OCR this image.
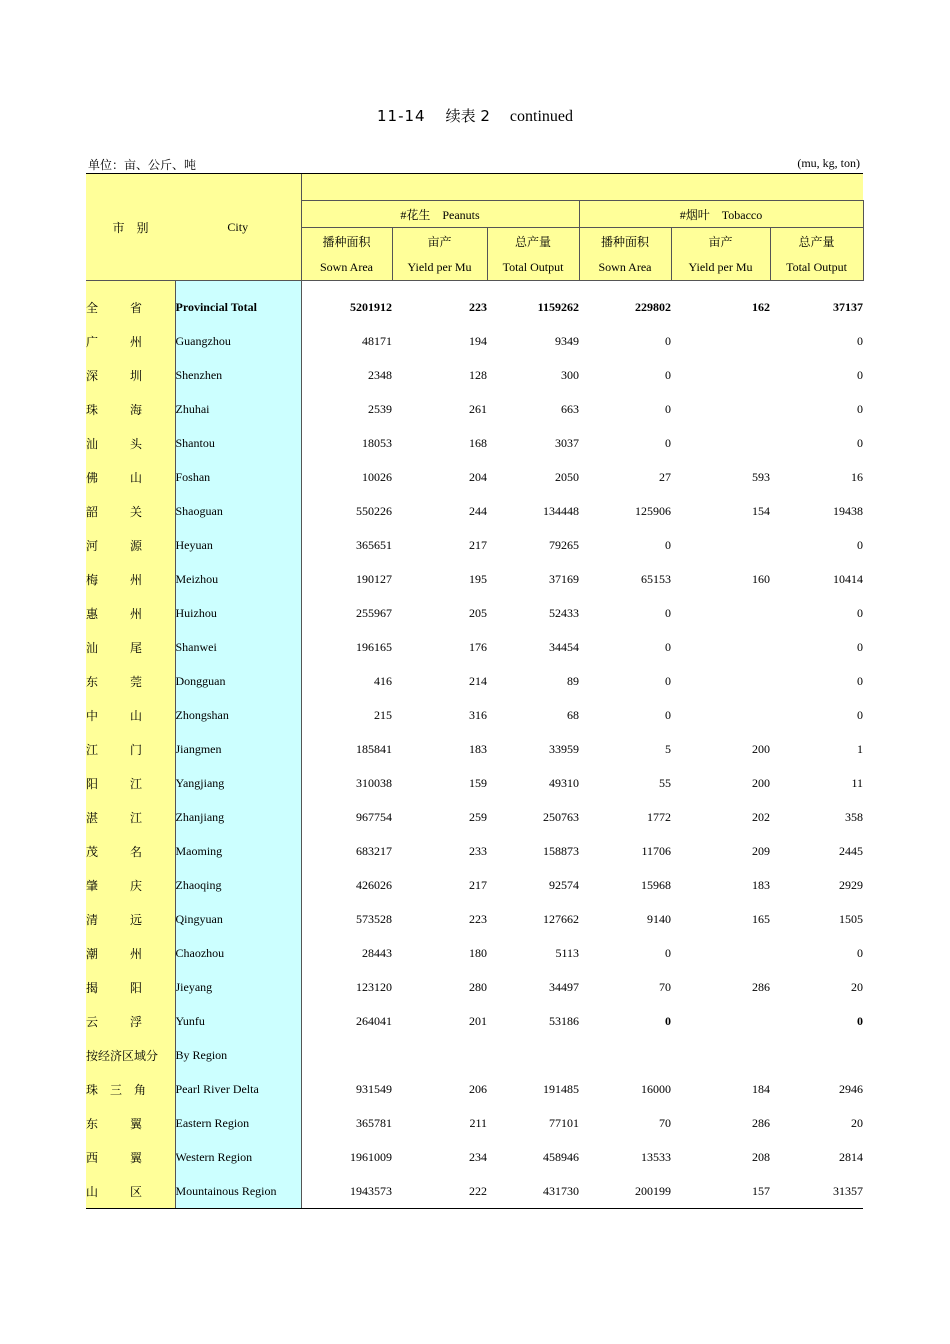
11-14 续表 2 continued
单位：亩、公斤、吨	(mu, kg, ton)
市　别	City						
		#花生　Peanuts			#烟叶　Tobacco		
		播种面积	亩产	总产量	播种面积	亩产	总产量
		Sown Area	Yield per Mu	Total Output	Sown Area	Yield per Mu	Total Output

全 省	Provincial Total	5201912	223	1159262	229802	162	37137
广 州	Guangzhou	48171	194	9349	0		0
深 圳	Shenzhen	2348	128	300	0		0
珠 海	Zhuhai	2539	261	663	0		0
汕 头	Shantou	18053	168	3037	0		0
佛 山	Foshan	10026	204	2050	27	593	16
韶 关	Shaoguan	550226	244	134448	125906	154	19438
河 源	Heyuan	365651	217	79265	0		0
梅 州	Meizhou	190127	195	37169	65153	160	10414
惠 州	Huizhou	255967	205	52433	0		0
汕 尾	Shanwei	196165	176	34454	0		0
东 莞	Dongguan	416	214	89	0		0
中 山	Zhongshan	215	316	68	0		0
江 门	Jiangmen	185841	183	33959	5	200	1
阳 江	Yangjiang	310038	159	49310	55	200	11
湛 江	Zhanjiang	967754	259	250763	1772	202	358
茂 名	Maoming	683217	233	158873	11706	209	2445
肇 庆	Zhaoqing	426026	217	92574	15968	183	2929
清 远	Qingyuan	573528	223	127662	9140	165	1505
潮 州	Chaozhou	28443	180	5113	0		0
揭 阳	Jieyang	123120	280	34497	70	286	20
云 浮	Yunfu	264041	201	53186	0		0
按经济区域分	By Region						
珠 三 角	Pearl River Delta	931549	206	191485	16000	184	2946
东 翼	Eastern Region	365781	211	77101	70	286	20
西 翼	Western Region	1961009	234	458946	13533	208	2814
山 区	Mountainous Region	1943573	222	431730	200199	157	31357
